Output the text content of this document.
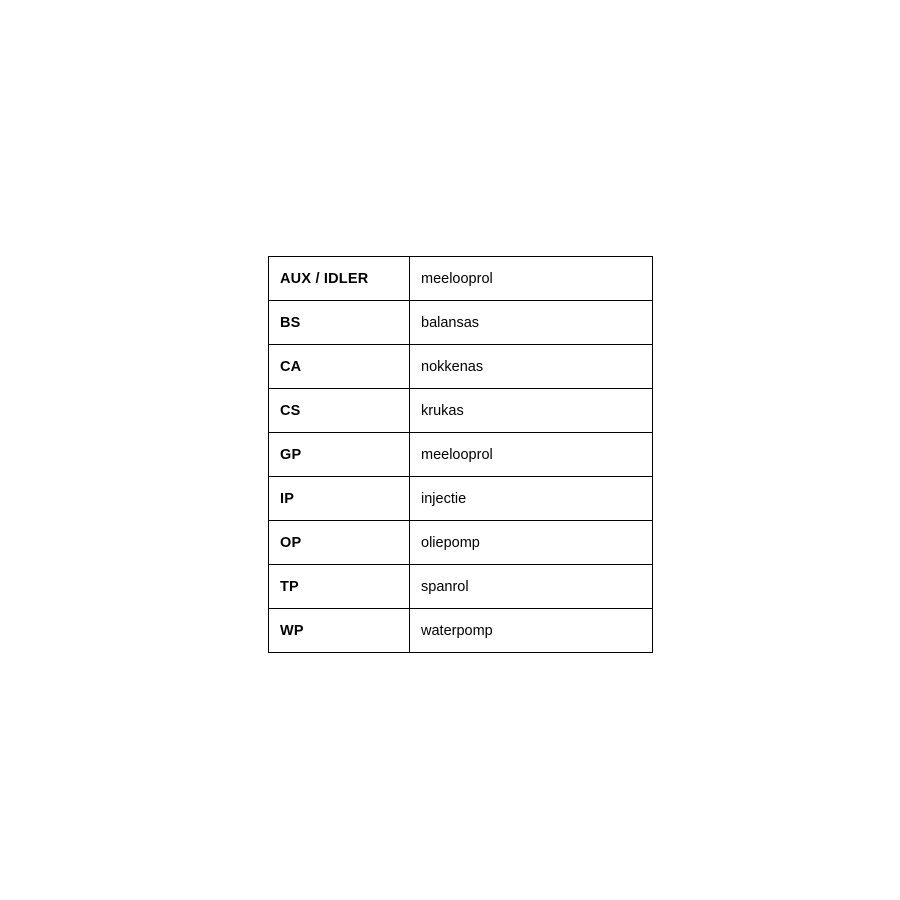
AUX / IDLER	meelooprol
BS	balansas
CA	nokkenas
CS	krukas
GP	meelooprol
IP	injectie
OP	oliepomp
TP	spanrol
WP	waterpomp
